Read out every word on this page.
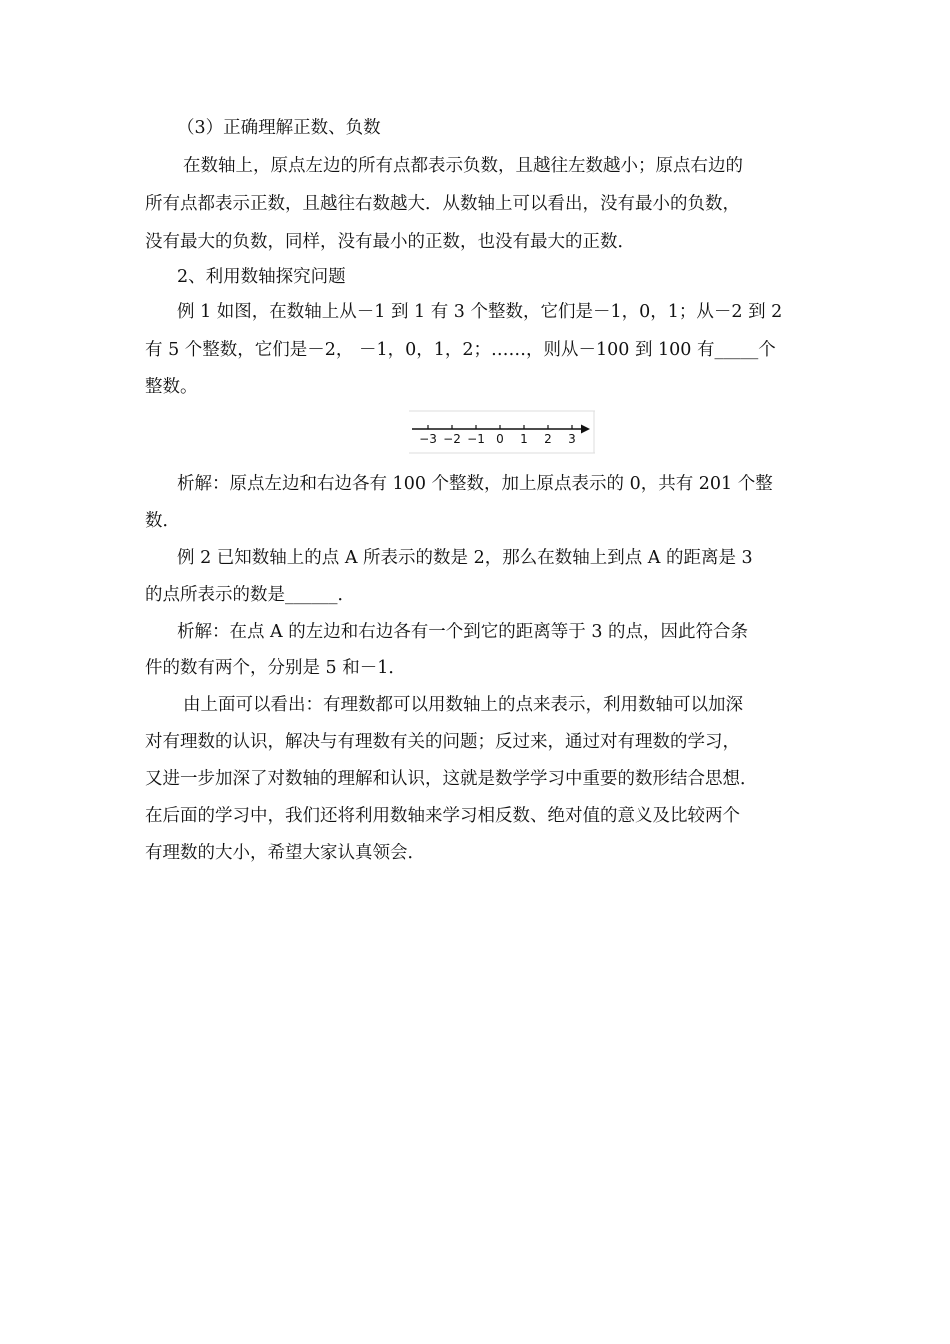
（3）正确理解正数、负数
在数轴上，原点左边的所有点都表示负数，且越往左数越小；原点右边的
所有点都表示正数，且越往右数越大．从数轴上可以看出，没有最小的负数，
没有最大的负数，同样，没有最小的正数，也没有最大的正数．
2、利用数轴探究问题
例 1 如图，在数轴上从－1 到 1 有 3 个整数，它们是－1，0，1；从－2 到 2
有 5 个整数，它们是－2， －1，0，1，2；……，则从－100 到 100 有_____个
整数。
−3 −2 −1 0 1 2 3
析解：原点左边和右边各有 100 个整数，加上原点表示的 0，共有 201 个整
数．
例 2 已知数轴上的点 A 所表示的数是 2，那么在数轴上到点 A 的距离是 3
的点所表示的数是______．
析解：在点 A 的左边和右边各有一个到它的距离等于 3 的点，因此符合条
件的数有两个，分别是 5 和－1．
由上面可以看出：有理数都可以用数轴上的点来表示，利用数轴可以加深
对有理数的认识，解决与有理数有关的问题；反过来，通过对有理数的学习，
又进一步加深了对数轴的理解和认识，这就是数学学习中重要的数形结合思想．
在后面的学习中，我们还将利用数轴来学习相反数、绝对值的意义及比较两个
有理数的大小，希望大家认真领会．
